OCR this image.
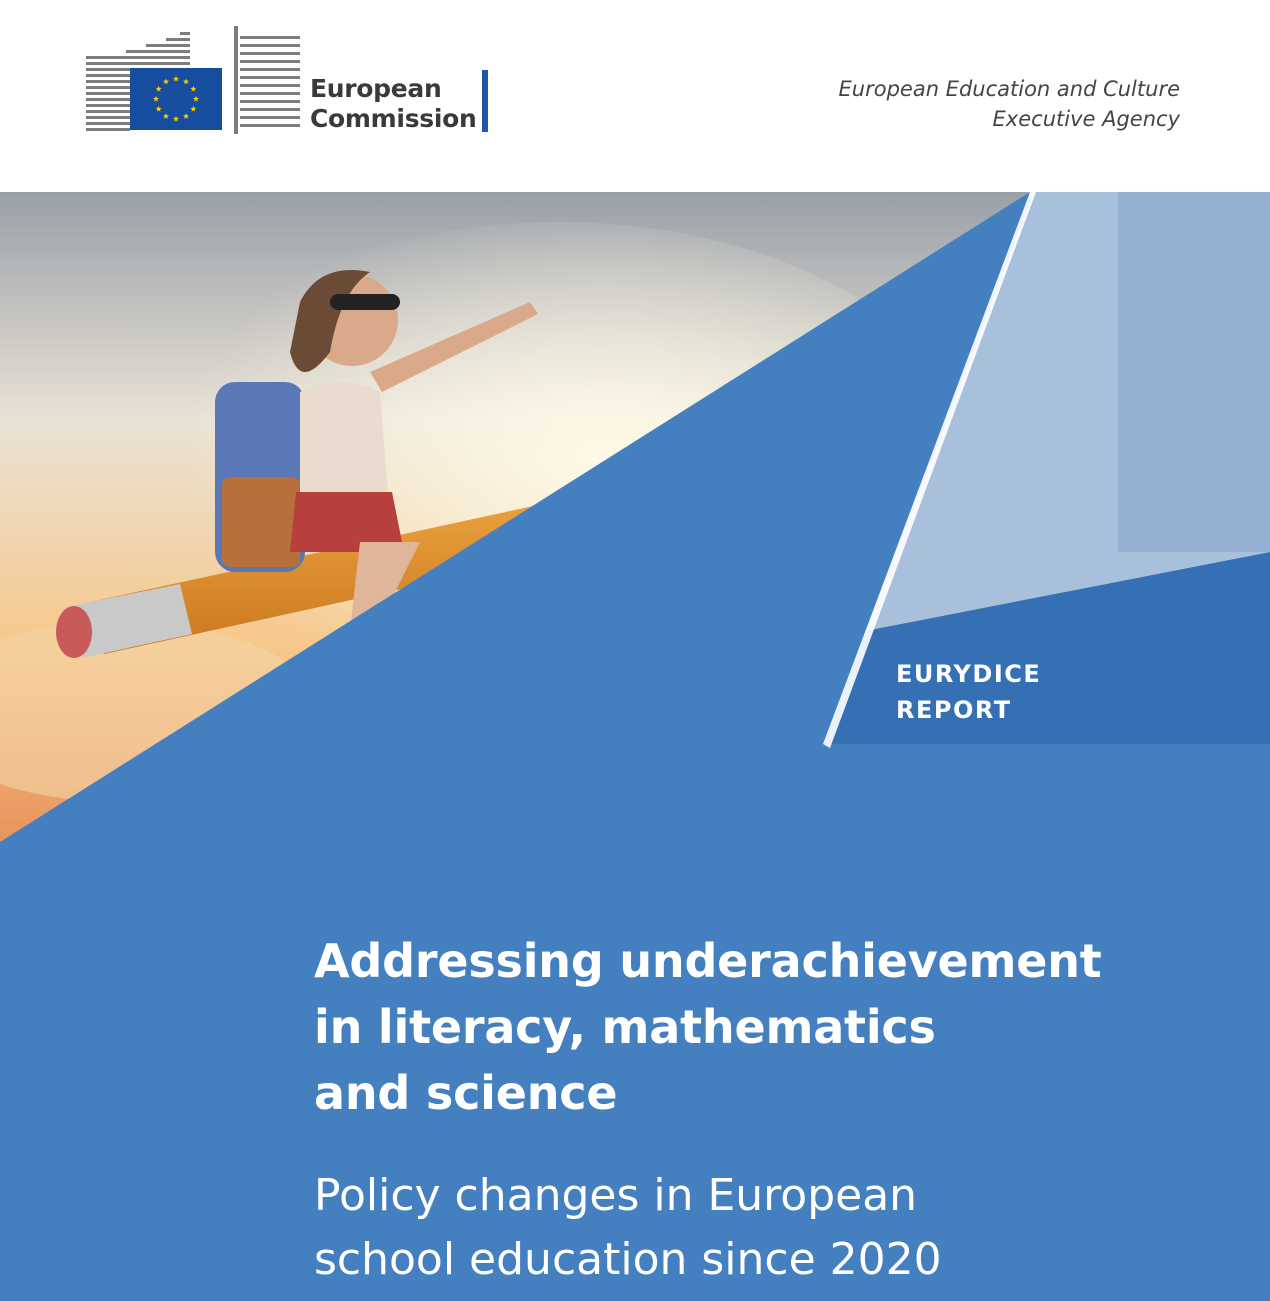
European
Commission
European Education and Culture
Executive Agency
EURYDICE
REPORT
Addressing underachievement
in literacy, mathematics
and science
Policy changes in European
school education since 2020
